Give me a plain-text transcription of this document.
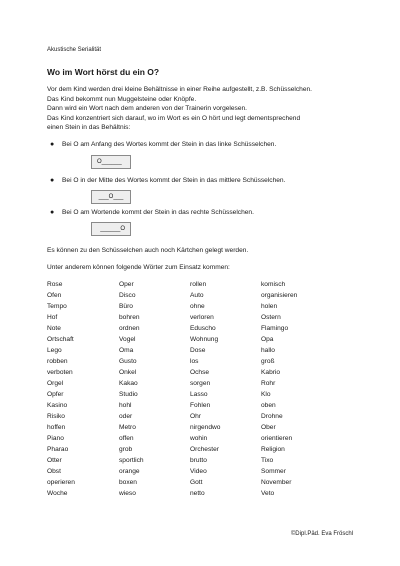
Akustische Serialität
Wo im Wort hörst du ein O?
Vor dem Kind werden drei kleine Behältnisse in einer Reihe aufgestellt, z.B. Schüsselchen.
Das Kind bekommt nun Muggelsteine oder Knöpfe.
Dann wird ein Wort nach dem anderen von der Trainerin vorgelesen.
Das Kind konzentriert sich darauf, wo im Wort es ein O hört und legt dementsprechend
einen Stein in das Behältnis:
● Bei O am Anfang des Wortes kommt der Stein in das linke Schüsselchen.
O______
● Bei O in der Mitte des Wortes kommt der Stein in das mittlere Schüsselchen.
___O___
● Bei O am Wortende kommt der Stein in das rechte Schüsselchen.
______O
Es können zu den Schüsselchen auch noch Kärtchen gelegt werden.
Unter anderem können folgende Wörter zum Einsatz kommen:
Rose
Ofen
Tempo
Hof
Note
Ortschaft
Lego
robben
verboten
Orgel
Opfer
Kasino
Risiko
hoffen
Piano
Pharao
Otter
Obst
operieren
Woche
Oper
Disco
Büro
bohren
ordnen
Vogel
Oma
Gusto
Onkel
Kakao
Studio
hohl
oder
Metro
offen
grob
sportlich
orange
boxen
wieso
rollen
Auto
ohne
verloren
Eduscho
Wohnung
Dose
los
Ochse
sorgen
Lasso
Fohlen
Ohr
nirgendwo
wohin
Orchester
brutto
Video
Gott
netto
komisch
organisieren
holen
Ostern
Flamingo
Opa
hallo
groß
Kabrio
Rohr
Klo
oben
Drohne
Ober
orientieren
Religion
Tixo
Sommer
November
Veto
©Dipl.Päd. Eva Fröschl
